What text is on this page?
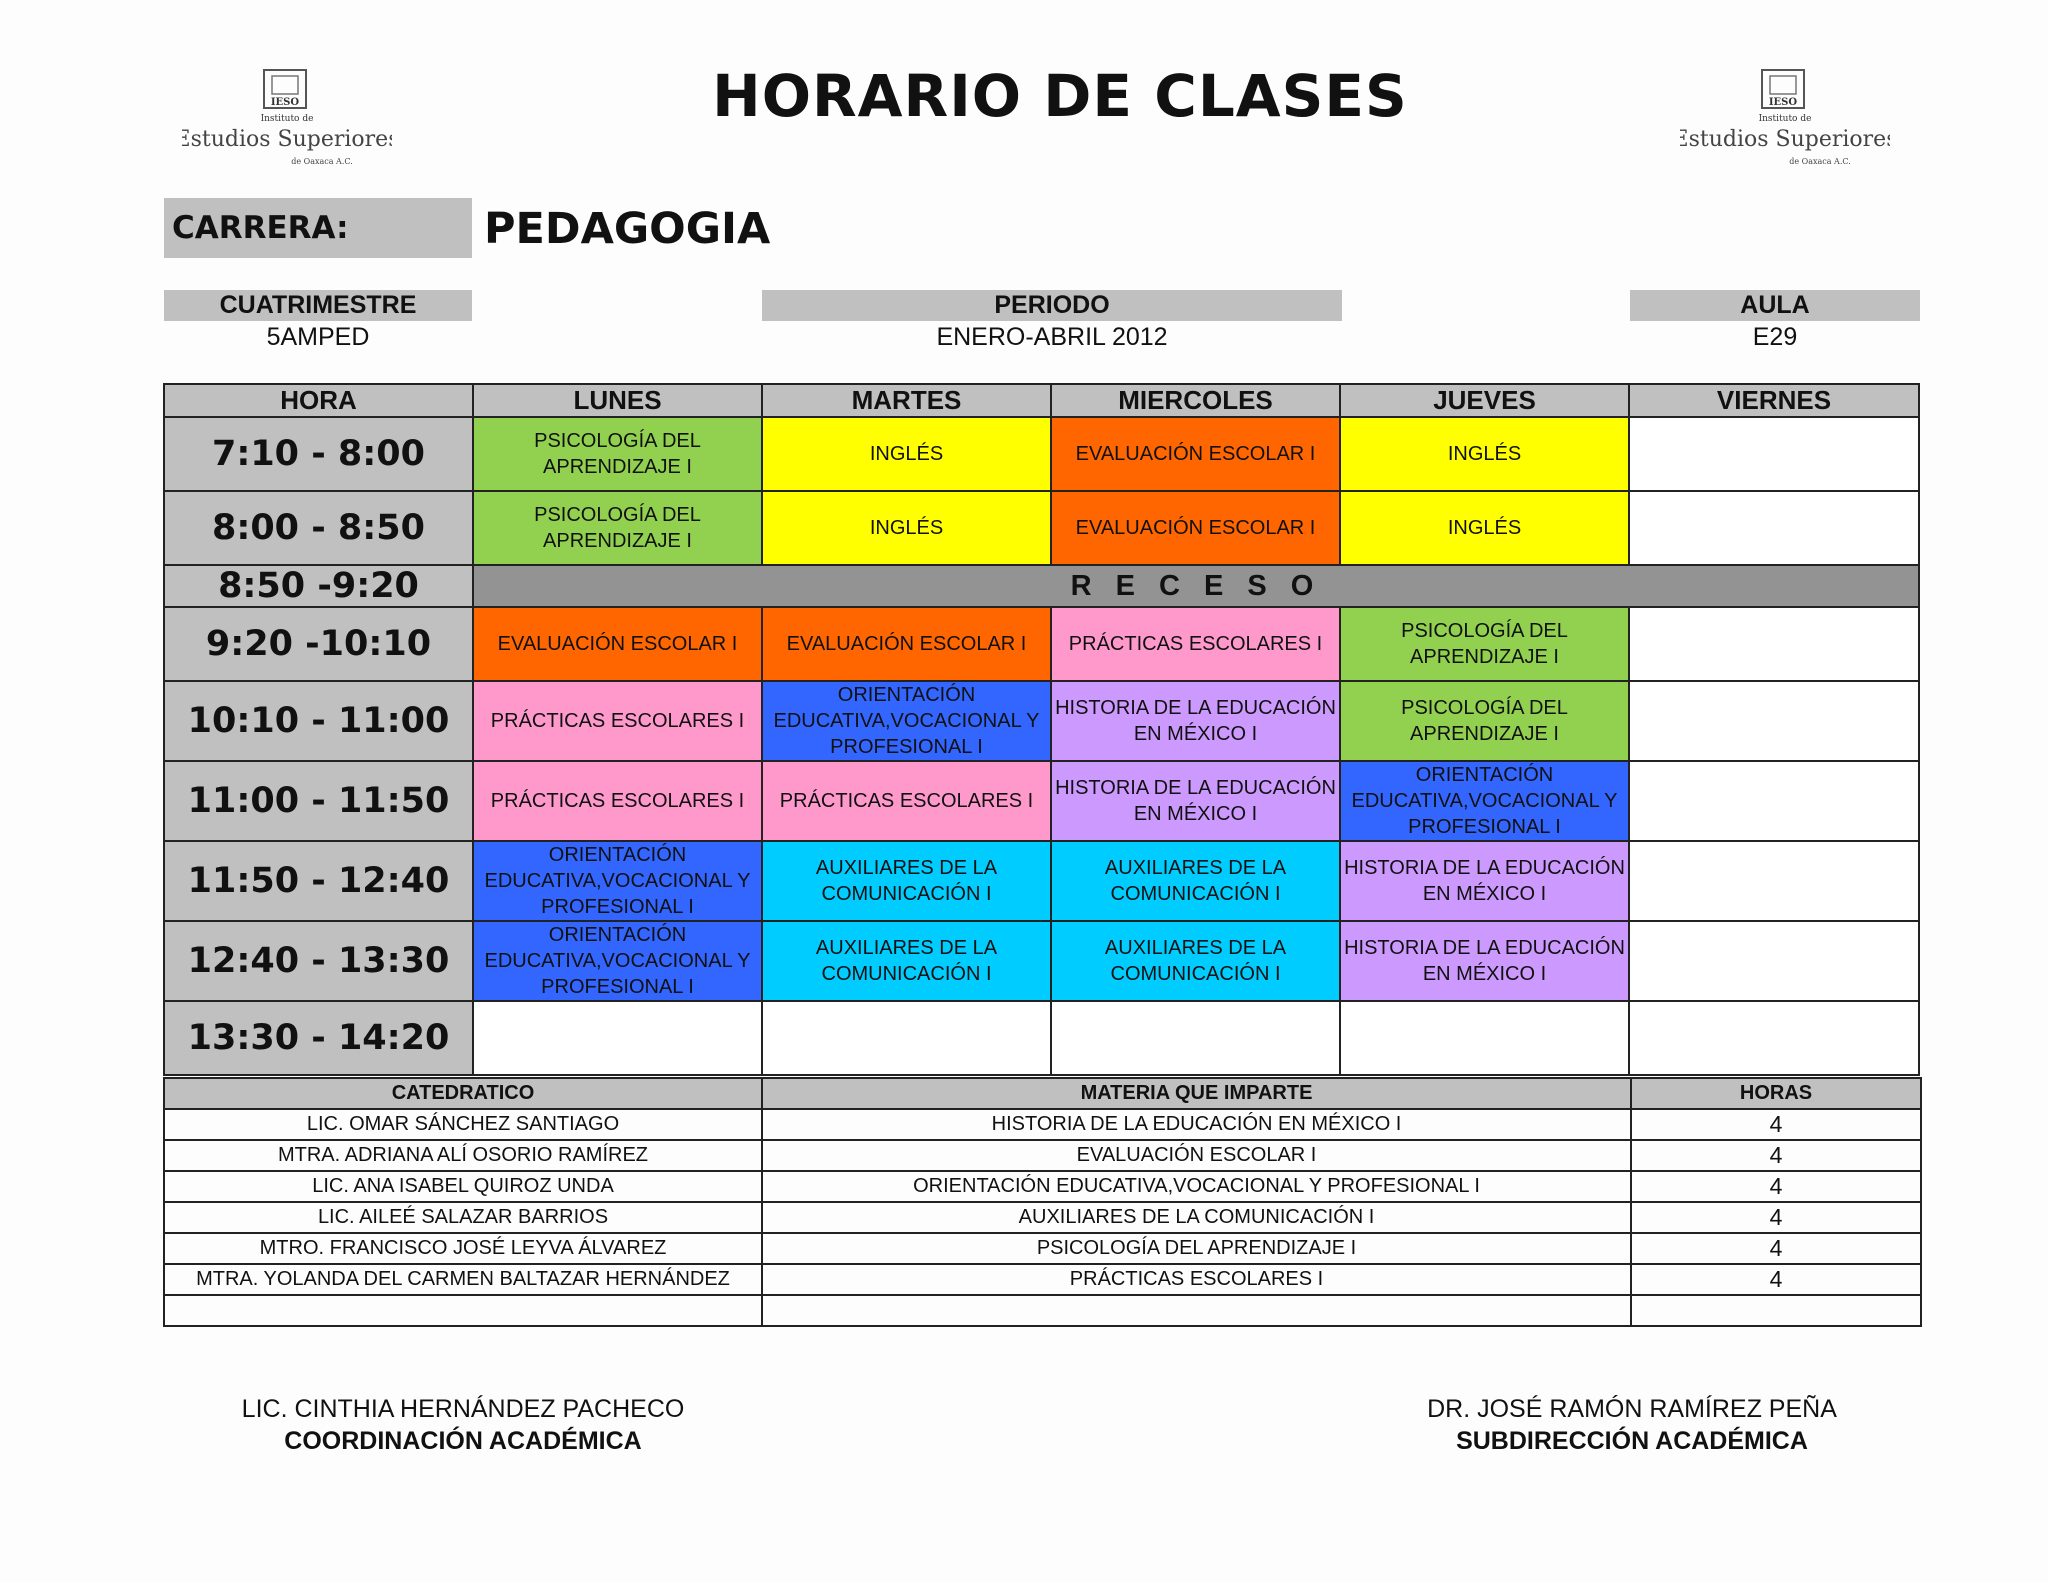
IESO
Instituto de
Estudios Superiores
de Oaxaca A.C.
IESO
Instituto de
Estudios Superiores
de Oaxaca A.C.
HORARIO DE CLASES
CARRERA:	PEDAGOGIA
CUATRIMESTRE
5AMPED
PERIODO
ENERO-ABRIL 2012
AULA
E29
HORA	LUNES	MARTES	MIERCOLES	JUEVES	VIERNES
7:10 - 8:00	PSICOLOGÍA DEL APRENDIZAJE I	INGLÉS	EVALUACIÓN ESCOLAR I	INGLÉS	
8:00 - 8:50	PSICOLOGÍA DEL APRENDIZAJE I	INGLÉS	EVALUACIÓN ESCOLAR I	INGLÉS	
8:50 -9:20	R E C E S O				
9:20 -10:10	EVALUACIÓN ESCOLAR I	EVALUACIÓN ESCOLAR I	PRÁCTICAS ESCOLARES I	PSICOLOGÍA DEL APRENDIZAJE I	
10:10 - 11:00	PRÁCTICAS ESCOLARES I	ORIENTACIÓN EDUCATIVA,VOCACIONAL Y PROFESIONAL I	HISTORIA DE LA EDUCACIÓN EN MÉXICO I	PSICOLOGÍA DEL APRENDIZAJE I	
11:00 - 11:50	PRÁCTICAS ESCOLARES I	PRÁCTICAS ESCOLARES I	HISTORIA DE LA EDUCACIÓN EN MÉXICO I	ORIENTACIÓN EDUCATIVA,VOCACIONAL Y PROFESIONAL I	
11:50 - 12:40	ORIENTACIÓN EDUCATIVA,VOCACIONAL Y PROFESIONAL I	AUXILIARES DE LA COMUNICACIÓN I	AUXILIARES DE LA COMUNICACIÓN I	HISTORIA DE LA EDUCACIÓN EN MÉXICO I	
12:40 - 13:30	ORIENTACIÓN EDUCATIVA,VOCACIONAL Y PROFESIONAL I	AUXILIARES DE LA COMUNICACIÓN I	AUXILIARES DE LA COMUNICACIÓN I	HISTORIA DE LA EDUCACIÓN EN MÉXICO I	
13:30 - 14:20					
CATEDRATICO	MATERIA QUE IMPARTE	HORAS
LIC. OMAR SÁNCHEZ SANTIAGO	HISTORIA DE LA EDUCACIÓN EN MÉXICO I	4
MTRA. ADRIANA ALÍ OSORIO RAMÍREZ	EVALUACIÓN ESCOLAR I	4
LIC. ANA ISABEL QUIROZ UNDA	ORIENTACIÓN EDUCATIVA,VOCACIONAL Y PROFESIONAL I	4
LIC. AILEÉ SALAZAR BARRIOS	AUXILIARES DE LA COMUNICACIÓN I	4
MTRO. FRANCISCO JOSÉ LEYVA ÁLVAREZ	PSICOLOGÍA DEL APRENDIZAJE I	4
MTRA. YOLANDA DEL CARMEN BALTAZAR HERNÁNDEZ	PRÁCTICAS ESCOLARES I	4

LIC. CINTHIA HERNÁNDEZ PACHECO
COORDINACIÓN ACADÉMICA
DR. JOSÉ RAMÓN RAMÍREZ PEÑA
SUBDIRECCIÓN ACADÉMICA
